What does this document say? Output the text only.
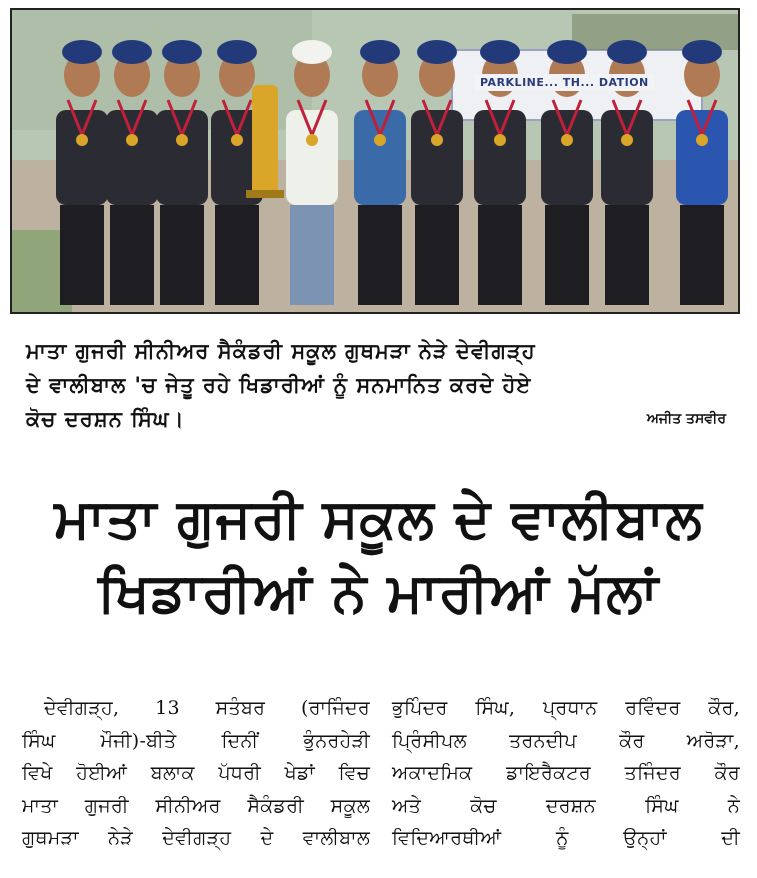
PARKLINE... TH... DATION
ਮਾਤਾ ਗੁਜਰੀ ਸੀਨੀਅਰ ਸੈਕੰਡਰੀ ਸਕੂਲ ਗੁਥਮੜਾ ਨੇੜੇ ਦੇਵੀਗੜ੍ਹ
ਦੇ ਵਾਲੀਬਾਲ 'ਚ ਜੇਤੂ ਰਹੇ ਖਿਡਾਰੀਆਂ ਨੂੰ ਸਨਮਾਨਿਤ ਕਰਦੇ ਹੋਏ
ਕੋਚ ਦਰਸ਼ਨ ਸਿੰਘ।	ਅਜੀਤ ਤਸਵੀਰ
ਮਾਤਾ ਗੁਜਰੀ ਸਕੂਲ ਦੇ ਵਾਲੀਬਾਲ
ਖਿਡਾਰੀਆਂ ਨੇ ਮਾਰੀਆਂ ਮੱਲਾਂ

ਦੇਵੀਗੜ੍ਹ, 13 ਸਤੰਬਰ (ਰਾਜਿੰਦਰ

ਸਿੰਘ ਮੌਜੀ)-ਬੀਤੇ ਦਿਨੀਂ ਭੁੰਨਰਹੇੜੀ

ਵਿਖੇ ਹੋਈਆਂ ਬਲਾਕ ਪੱਧਰੀ ਖੇਡਾਂ ਵਿਚ

ਮਾਤਾ ਗੁਜਰੀ ਸੀਨੀਅਰ ਸੈਕੰਡਰੀ ਸਕੂਲ

ਗੁਥਮੜਾ ਨੇੜੇ ਦੇਵੀਗੜ੍ਹ ਦੇ ਵਾਲੀਬਾਲ

ਭੁਪਿੰਦਰ ਸਿੰਘ, ਪ੍ਰਧਾਨ ਰਵਿੰਦਰ ਕੌਰ,

ਪ੍ਰਿੰਸੀਪਲ ਤਰਨਦੀਪ ਕੌਰ ਅਰੋੜਾ,

ਅਕਾਦਮਿਕ ਡਾਇਰੈਕਟਰ ਤਜਿੰਦਰ ਕੌਰ

ਅਤੇ ਕੋਚ ਦਰਸ਼ਨ ਸਿੰਘ ਨੇ

ਵਿਦਿਆਰਥੀਆਂ ਨੂੰ ਉਨ੍ਹਾਂ ਦੀ
